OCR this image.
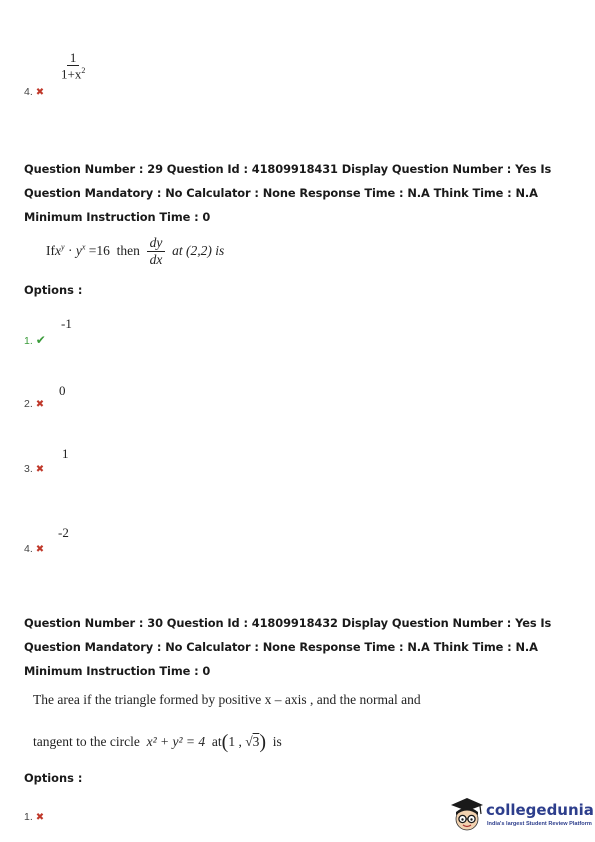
4. ✖
$\frac{1}{1+x^2}$
Question Number : 29 Question Id : 41809918431 Display Question Number : Yes Is Question Mandatory : No Calculator : None Response Time : N.A Think Time : N.A Minimum Instruction Time : 0
$Ifx^y \cdot y^x =16$ then $\frac{dy}{dx}$ at (2,2) is
Options :
1. ✔
-1
2. ✖
0
3. ✖
1
4. ✖
-2
Question Number : 30 Question Id : 41809918432 Display Question Number : Yes Is Question Mandatory : No Calculator : None Response Time : N.A Think Time : N.A Minimum Instruction Time : 0
The area if the triangle formed by positive x – axis , and the normal and
tangent to the circle x² + y² = 4 at(1 , √3) is
Options :
1. ✖	collegedunia
India's largest Student Review Platform
